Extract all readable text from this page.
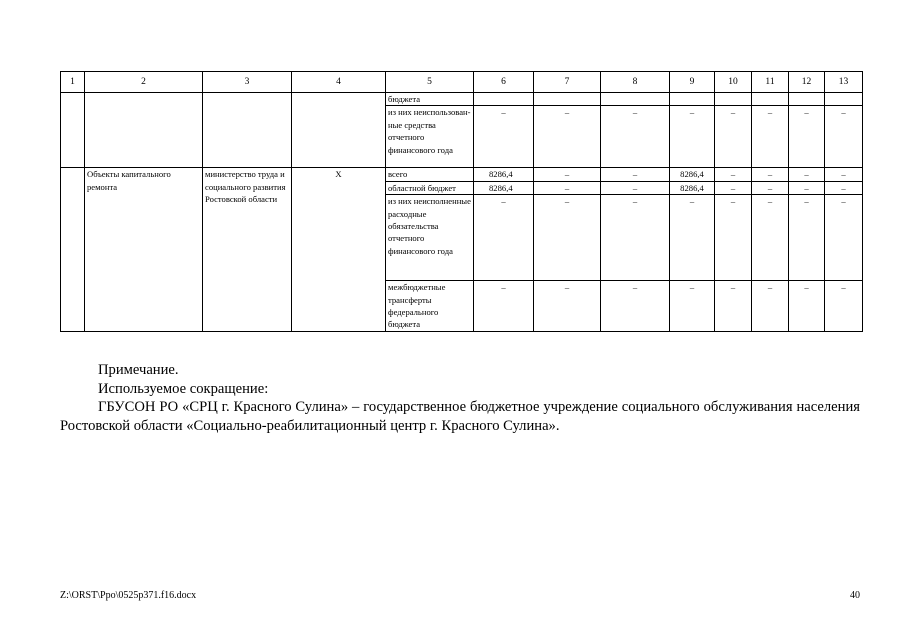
1	2	3	4	5	6	7	8	9	10	11	12	13
				бюджета								
				из них неиспользован-ные средства отчетного финансового года	–	–	–	–	–	–	–	–
	Объекты капитального ремонта	министерство труда и социального развития Ростовской области	Х	всего	8286,4	–	–	8286,4	–	–	–	–
				областной бюджет	8286,4	–	–	8286,4	–	–	–	–
				из них неисполненные расходные обязательства отчетного финансового года	–	–	–	–	–	–	–	–
				межбюджетные трансферты федерального бюджета	–	–	–	–	–	–	–	–

Примечание.

Используемое сокращение:

ГБУСОН РО «СРЦ г. Красного Сулина» – государственное бюджетное учреждение социального обслуживания населения Ростовской области «Социально-реабилитационный центр г. Красного Сулина».

Z:\ORST\Ppo\0525p371.f16.docx	40
